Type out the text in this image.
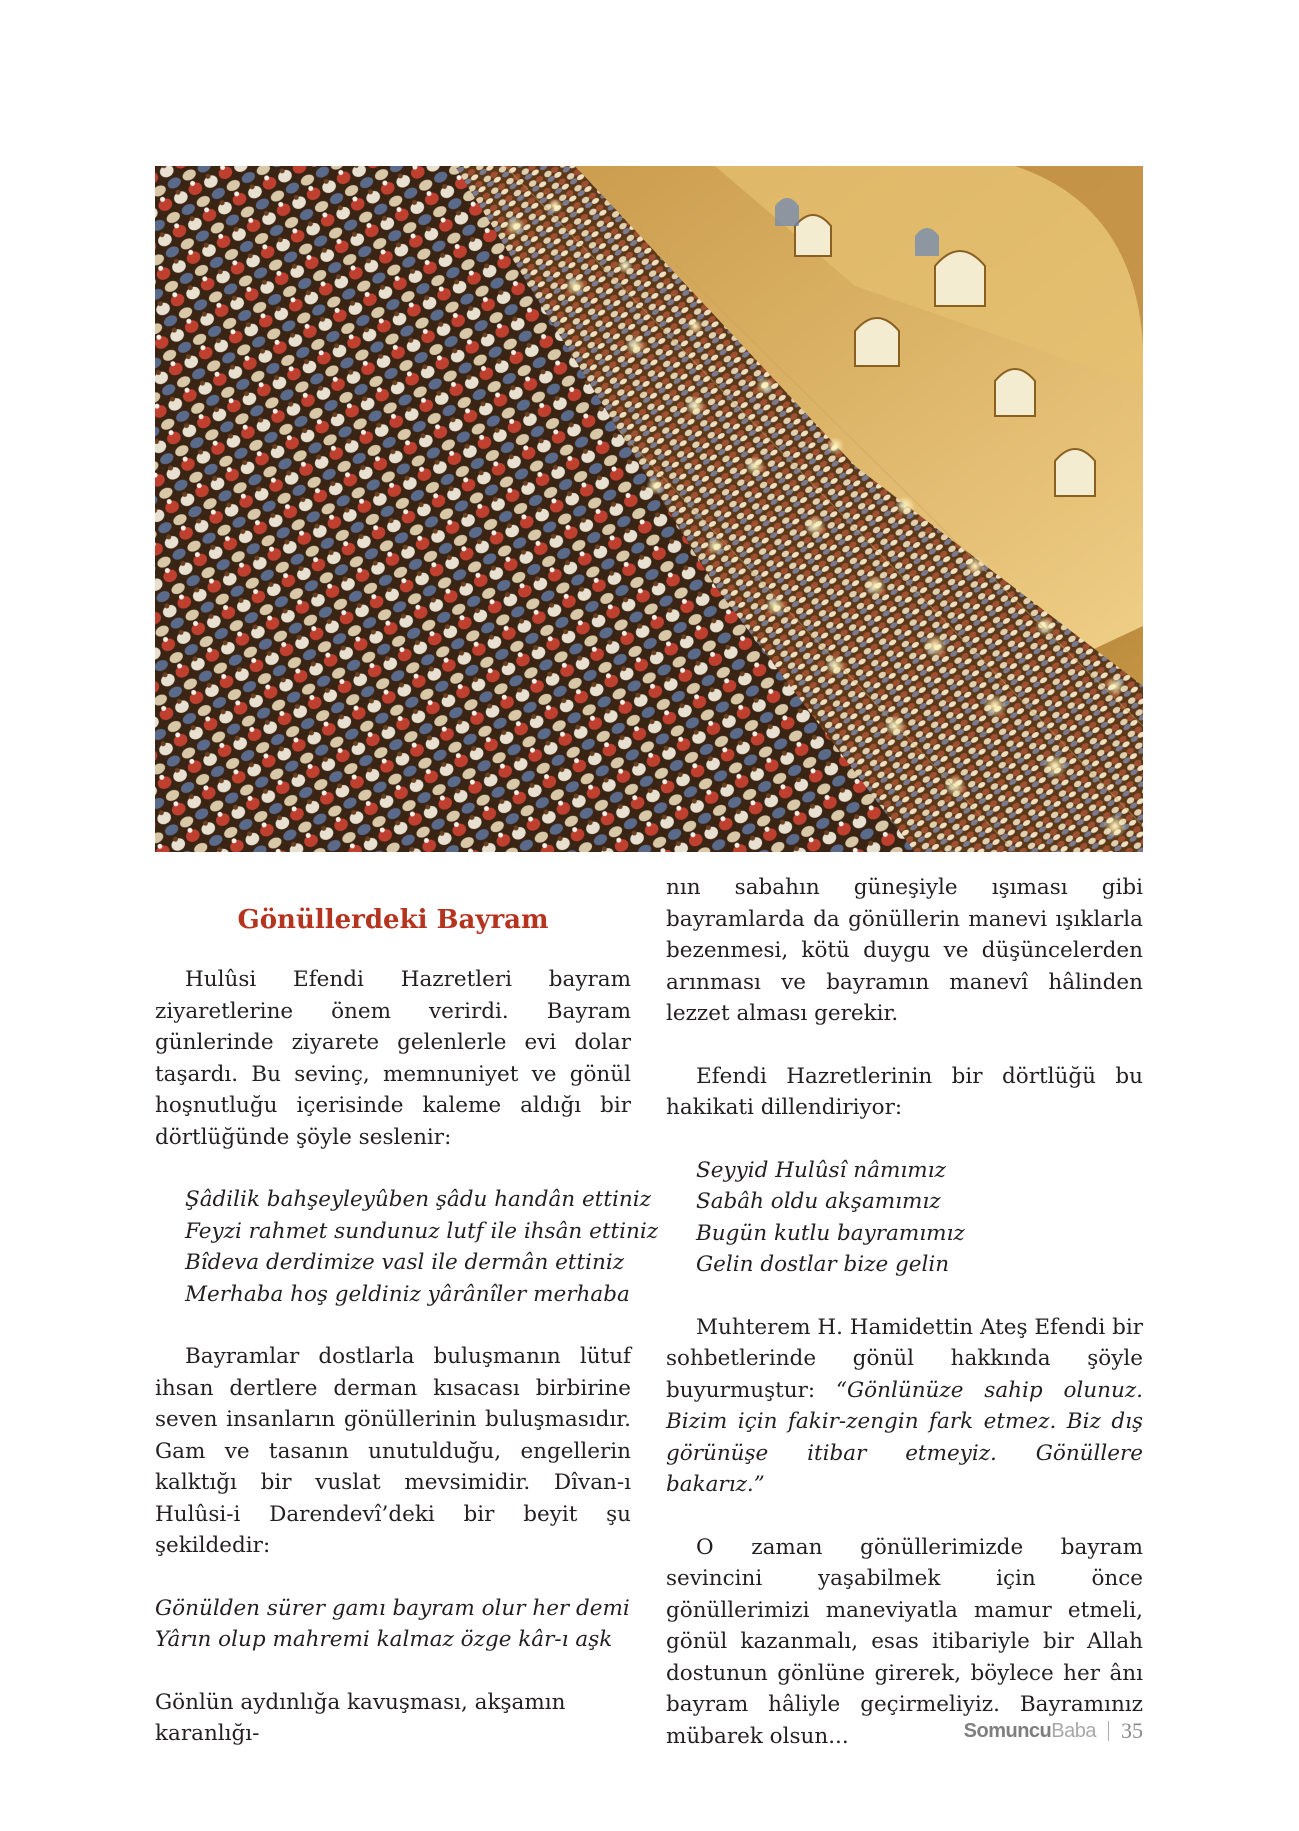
Gönüllerdeki Bayram

Hulûsi Efendi Hazretleri bayram ziyaretlerine önem verirdi. Bayram günlerinde ziyarete gelenlerle evi dolar taşardı. Bu sevinç, memnuniyet ve gönül hoşnutluğu içerisinde kaleme aldığı bir dörtlüğünde şöyle seslenir:

Şâdilik bahşeyleyûben şâdu handân ettiniz
Feyzi rahmet sundunuz lutf ile ihsân ettiniz
Bîdeva derdimize vasl ile dermân ettiniz
Merhaba hoş geldiniz yârânîler merhaba

Bayramlar dostlarla buluşmanın lütuf ihsan dertlere derman kısacası birbirine seven insanların gönüllerinin buluşmasıdır. Gam ve tasanın unutulduğu, engellerin kalktığı bir vuslat mevsimidir. Dîvan-ı Hulûsi-i Darendevî’deki bir beyit şu şekildedir:

Gönülden sürer gamı bayram olur her demi
Yârın olup mahremi kalmaz özge kâr-ı aşk

Gönlün aydınlığa kavuşması, akşamın karanlığı-

nın sabahın güneşiyle ışıması gibi bayramlarda da gönüllerin manevi ışıklarla bezenmesi, kötü duygu ve düşüncelerden arınması ve bayramın manevî hâlinden lezzet alması gerekir.

Efendi Hazretlerinin bir dörtlüğü bu hakikati dillendiriyor:

Seyyid Hulûsî nâmımız
Sabâh oldu akşamımız
Bugün kutlu bayramımız
Gelin dostlar bize gelin

Muhterem H. Hamidettin Ateş Efendi bir sohbetlerinde gönül hakkında şöyle buyurmuştur: “Gönlünüze sahip olunuz. Bizim için fakir-zengin fark etmez. Biz dış görünüşe itibar etmeyiz. Gönüllere bakarız.”

O zaman gönüllerimizde bayram sevincini yaşabilmek için önce gönüllerimizi maneviyatla mamur etmeli, gönül kazanmalı, esas itibariyle bir Allah dostunun gönlüne girerek, böylece her ânı bayram hâliyle geçirmeliyiz. Bayramınız mübarek olsun...	SomuncuBaba 35
